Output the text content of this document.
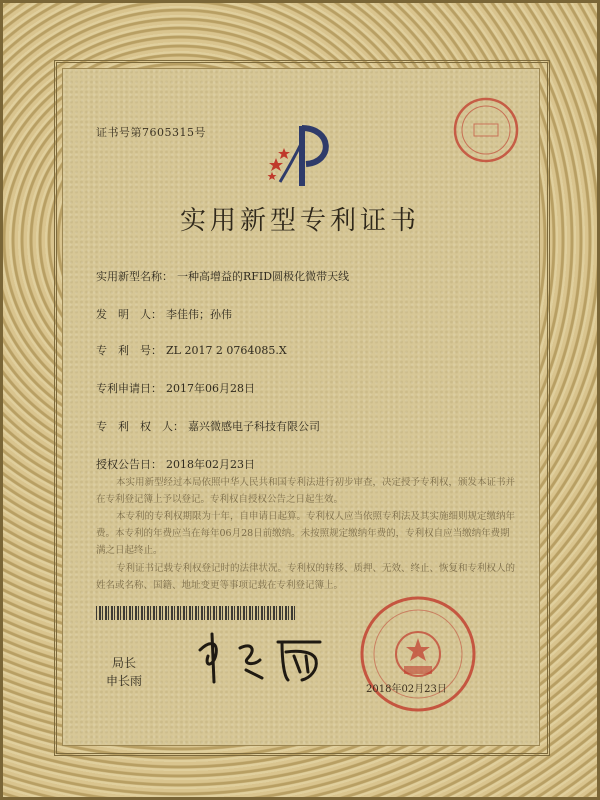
证书号第7605315号
实用新型专利证书
实用新型名称： 一种高增益的RFID圆极化微带天线
发　明　人： 李佳伟；孙伟
专　利　号： ZL 2017 2 0764085.X
专利申请日： 2017年06月28日
专　利　权　人： 嘉兴微感电子科技有限公司
授权公告日： 2018年02月23日
本实用新型经过本局依照中华人民共和国专利法进行初步审查，决定授予专利权，颁发本证书并在专利登记簿上予以登记。专利权自授权公告之日起生效。
本专利的专利权期限为十年，自申请日起算。专利权人应当依照专利法及其实施细则规定缴纳年费。本专利的年费应当在每年06月28日前缴纳。未按照规定缴纳年费的，专利权自应当缴纳年费期满之日起终止。
专利证书记载专利权登记时的法律状况。专利权的转移、质押、无效、终止、恢复和专利权人的姓名或名称、国籍、地址变更等事项记载在专利登记簿上。
局长
申长雨
2018年02月23日
